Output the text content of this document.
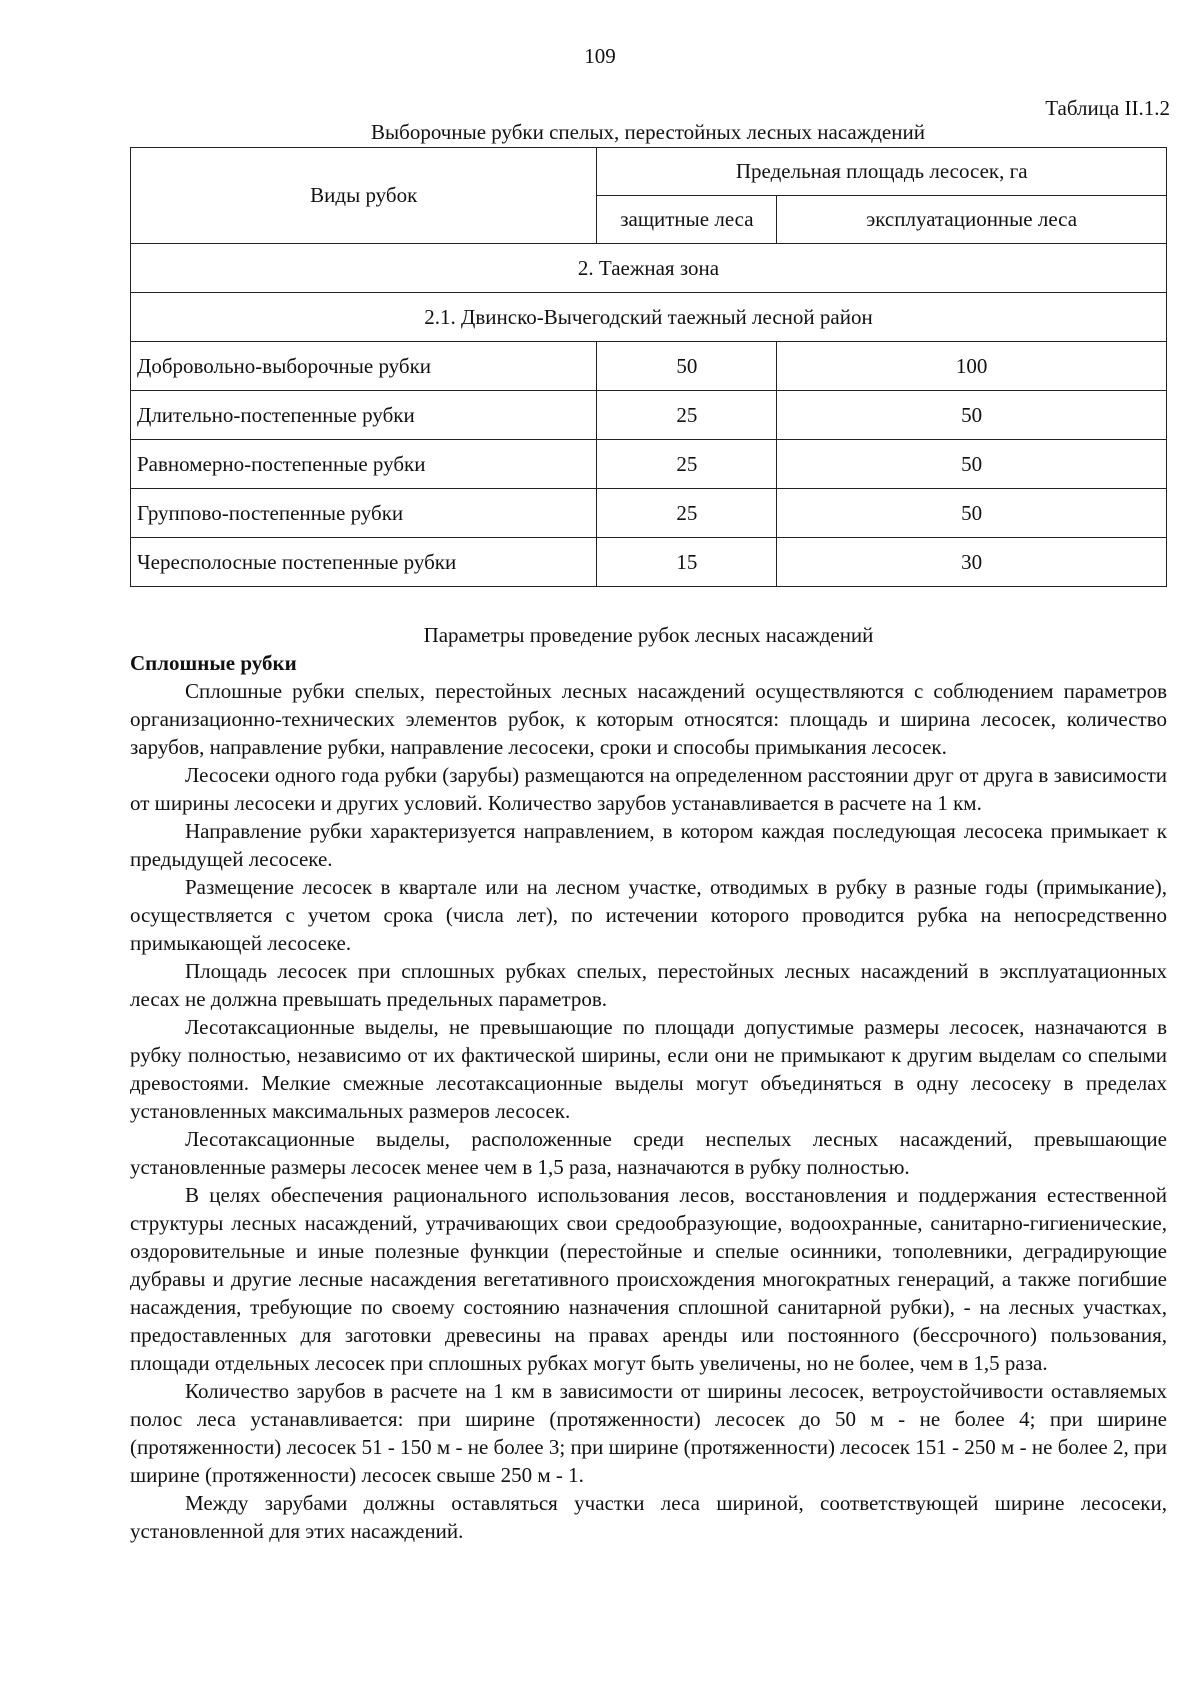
109
Таблица II.1.2
Выборочные рубки спелых, перестойных лесных насаждений
Виды рубок	Предельная площадь лесосек, га	
	защитные леса	эксплуатационные леса
2. Таежная зона		
2.1. Двинско-Вычегодский таежный лесной район		
Добровольно-выборочные рубки	50	100
Длительно-постепенные рубки	25	50
Равномерно-постепенные рубки	25	50
Группово-постепенные рубки	25	50
Чересполосные постепенные рубки	15	30
Параметры проведение рубок лесных насаждений
Сплошные рубки

Сплошные рубки спелых, перестойных лесных насаждений осуществляются с соблюдением параметров организационно-технических элементов рубок, к которым относятся: площадь и ширина лесосек, количество зарубов, направление рубки, направление лесосеки, сроки и способы примыкания лесосек.

Лесосеки одного года рубки (зарубы) размещаются на определенном расстоянии друг от друга в зависимости от ширины лесосеки и других условий. Количество зарубов устанавливается в расчете на 1 км.

Направление рубки характеризуется направлением, в котором каждая последующая лесосека примыкает к предыдущей лесосеке.

Размещение лесосек в квартале или на лесном участке, отводимых в рубку в разные годы (примыкание), осуществляется с учетом срока (числа лет), по истечении которого проводится рубка на непосредственно примыкающей лесосеке.

Площадь лесосек при сплошных рубках спелых, перестойных лесных насаждений в эксплуатационных лесах не должна превышать предельных параметров.

Лесотаксационные выделы, не превышающие по площади допустимые размеры лесосек, назначаются в рубку полностью, независимо от их фактической ширины, если они не примыкают к другим выделам со спелыми древостоями. Мелкие смежные лесотаксационные выделы могут объединяться в одну лесосеку в пределах установленных максимальных размеров лесосек.

Лесотаксационные выделы, расположенные среди неспелых лесных насаждений, превышающие установленные размеры лесосек менее чем в 1,5 раза, назначаются в рубку полностью.

В целях обеспечения рационального использования лесов, восстановления и поддержания естественной структуры лесных насаждений, утрачивающих свои средообразующие, водоохранные, санитарно-гигиенические, оздоровительные и иные полезные функции (перестойные и спелые осинники, тополевники, деградирующие дубравы и другие лесные насаждения вегетативного происхождения многократных генераций, а также погибшие насаждения, требующие по своему состоянию назначения сплошной санитарной рубки), - на лесных участках, предоставленных для заготовки древесины на правах аренды или постоянного (бессрочного) пользования, площади отдельных лесосек при сплошных рубках могут быть увеличены, но не более, чем в 1,5 раза.

Количество зарубов в расчете на 1 км в зависимости от ширины лесосек, ветроустойчивости оставляемых полос леса устанавливается: при ширине (протяженности) лесосек до 50 м - не более 4; при ширине (протяженности) лесосек 51 - 150 м - не более 3; при ширине (протяженности) лесосек 151 - 250 м - не более 2, при ширине (протяженности) лесосек свыше 250 м - 1.

Между зарубами должны оставляться участки леса шириной, соответствующей ширине лесосеки, установленной для этих насаждений.
